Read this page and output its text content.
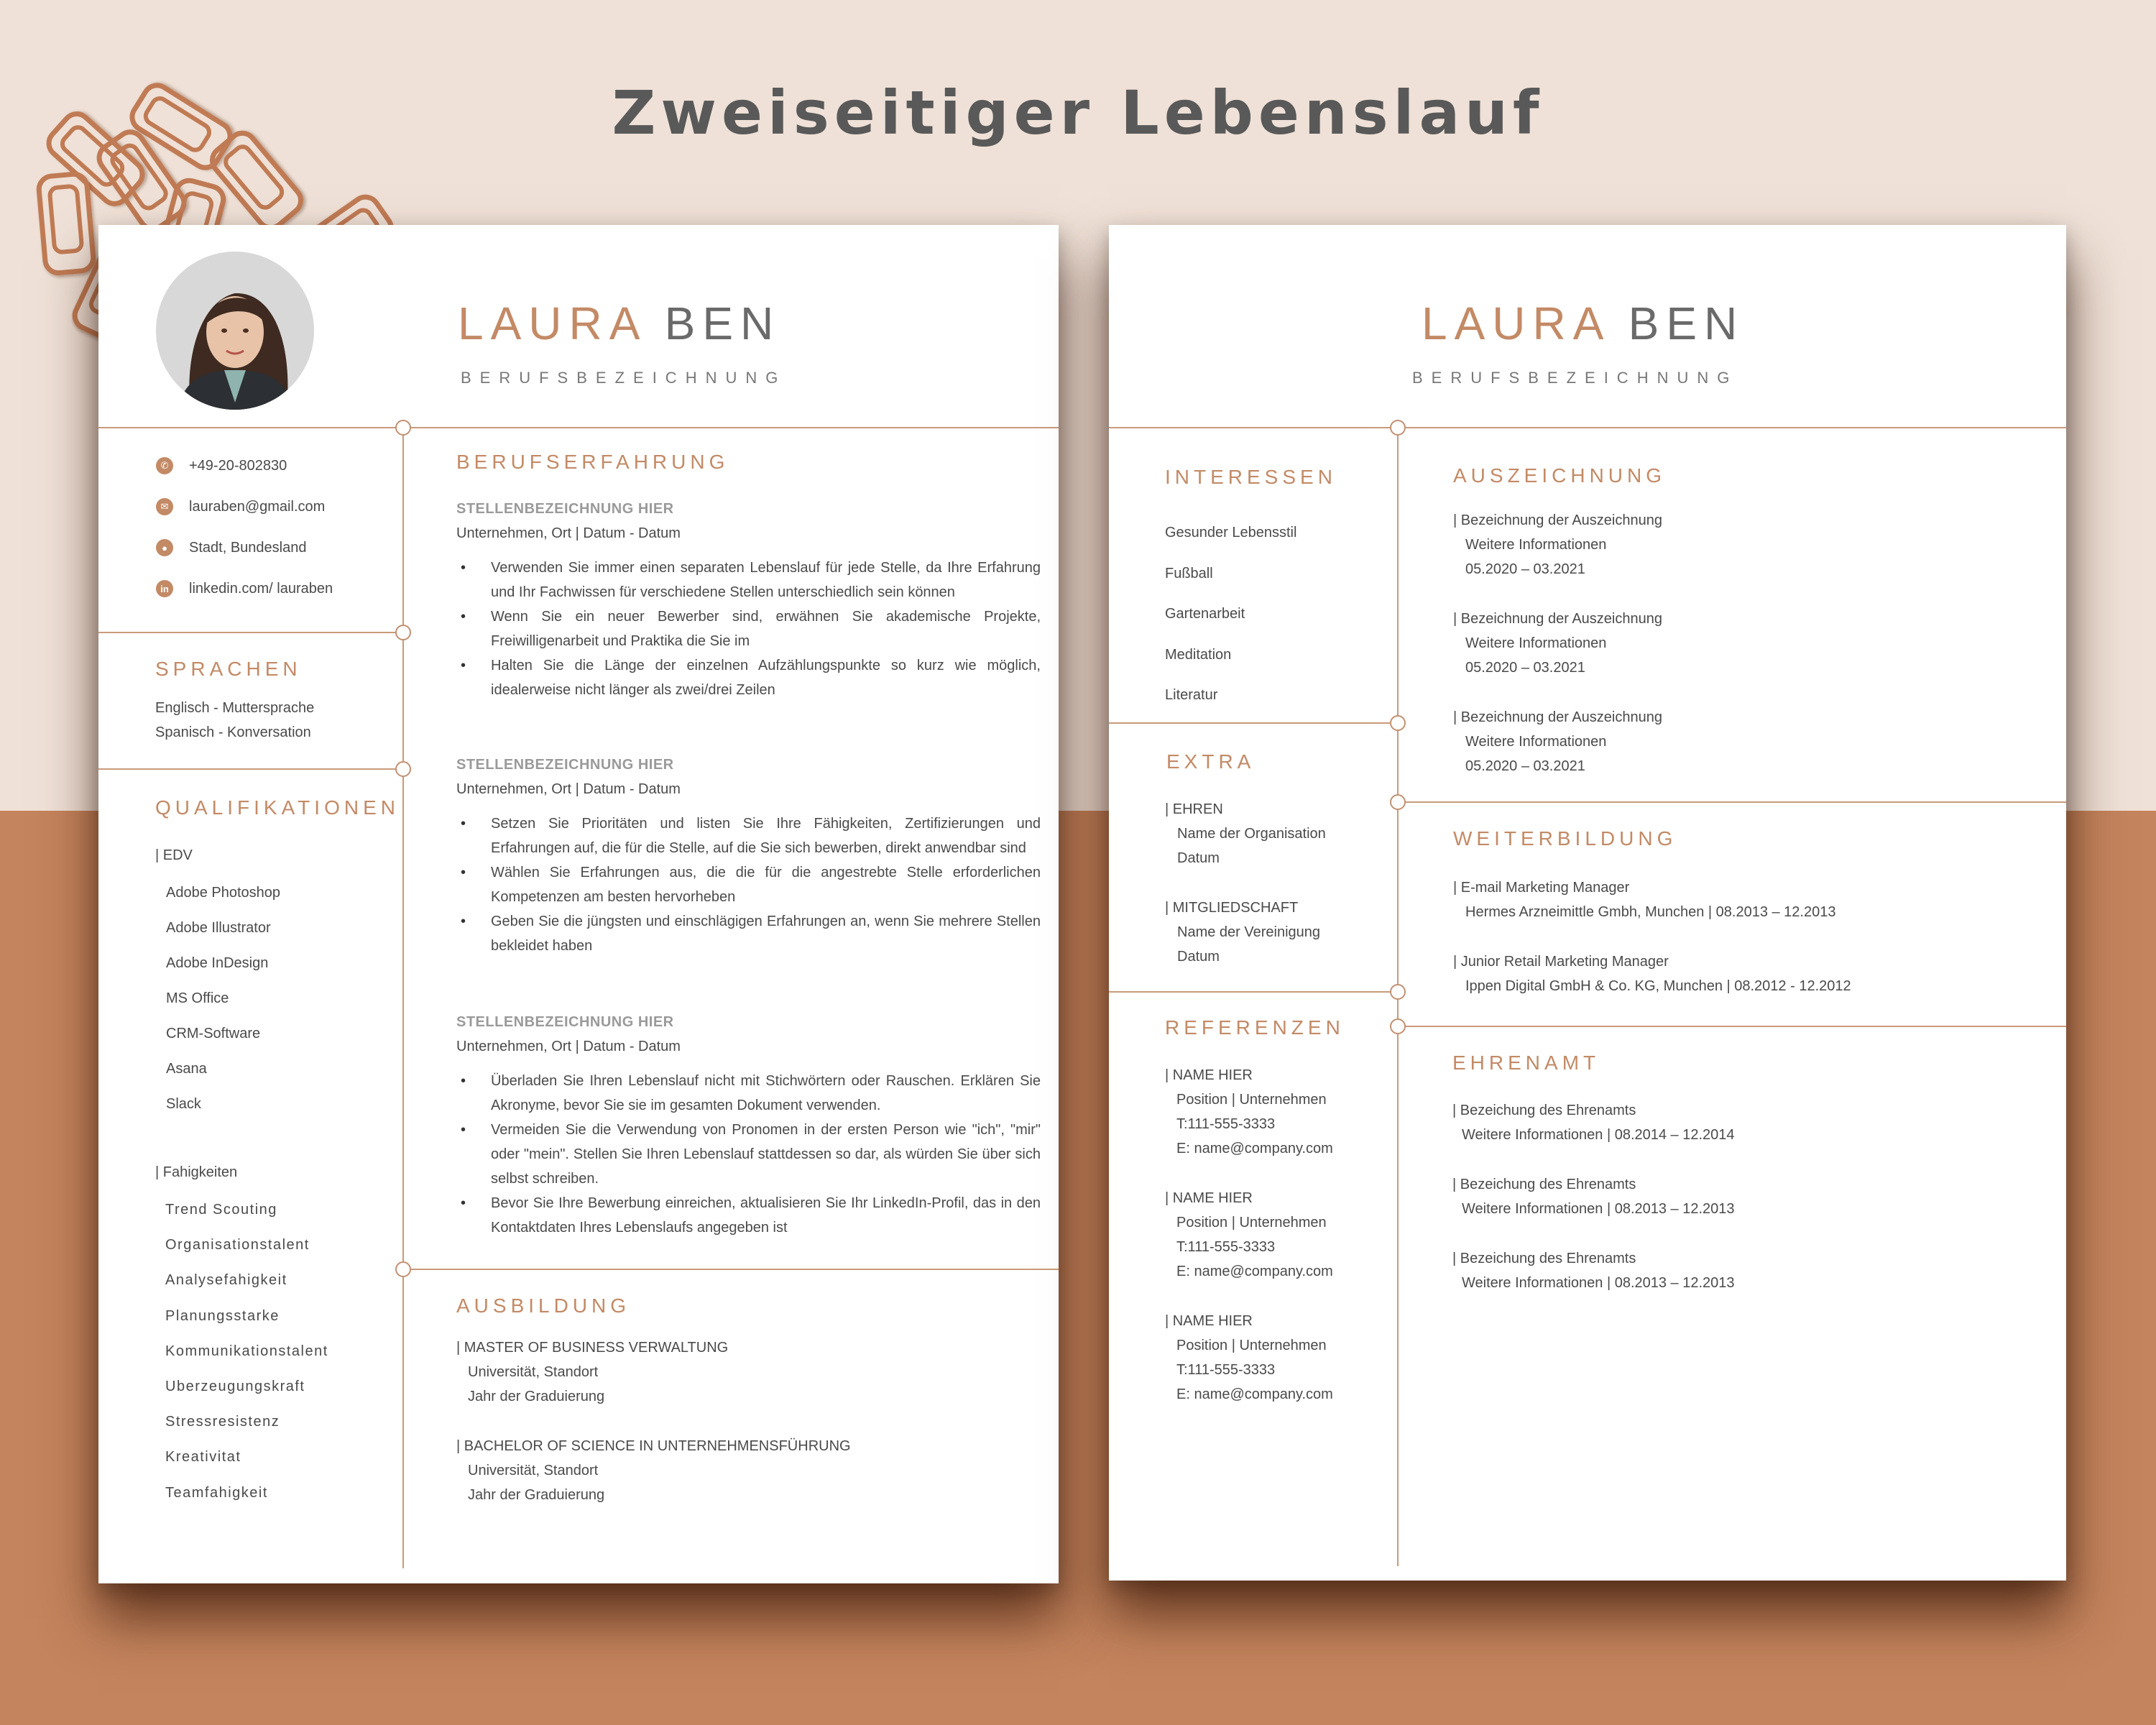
Zweiseitiger Lebenslauf
LAURA BEN
BERUFSBEZEICHNUNG
✆	+49-20-802830
✉	lauraben@gmail.com
●	Stadt, Bundesland
in	linkedin.com/ lauraben
SPRACHEN
Englisch - Muttersprache
Spanisch - Konversation
QUALIFIKATIONEN
| EDV
Adobe Photoshop
Adobe Illustrator
Adobe InDesign
MS Office
CRM-Software
Asana
Slack
| Fahigkeiten
Trend Scouting
Organisationstalent
Analysefahigkeit
Planungsstarke
Kommunikationstalent
Uberzeugungskraft
Stressresistenz
Kreativitat
Teamfahigkeit
BERUFSERFAHRUNG
STELLENBEZEICHNUNG HIER
Unternehmen, Ort | Datum - Datum
• Verwenden Sie immer einen separaten Lebenslauf für jede Stelle, da Ihre Erfahrung und Ihr Fachwissen für verschiedene Stellen unterschiedlich sein können
• Wenn Sie ein neuer Bewerber sind, erwähnen Sie akademische Projekte, Freiwilligenarbeit und Praktika die Sie im
• Halten Sie die Länge der einzelnen Aufzählungspunkte so kurz wie möglich, idealerweise nicht länger als zwei/drei Zeilen
STELLENBEZEICHNUNG HIER
Unternehmen, Ort | Datum - Datum
• Setzen Sie Prioritäten und listen Sie Ihre Fähigkeiten, Zertifizierungen und Erfahrungen auf, die für die Stelle, auf die Sie sich bewerben, direkt anwendbar sind
• Wählen Sie Erfahrungen aus, die die für die angestrebte Stelle erforderlichen Kompetenzen am besten hervorheben
• Geben Sie die jüngsten und einschlägigen Erfahrungen an, wenn Sie mehrere Stellen bekleidet haben
STELLENBEZEICHNUNG HIER
Unternehmen, Ort | Datum - Datum
• Überladen Sie Ihren Lebenslauf nicht mit Stichwörtern oder Rauschen. Erklären Sie Akronyme, bevor Sie sie im gesamten Dokument verwenden.
• Vermeiden Sie die Verwendung von Pronomen in der ersten Person wie "ich", "mir" oder "mein". Stellen Sie Ihren Lebenslauf stattdessen so dar, als würden Sie über sich selbst schreiben.
• Bevor Sie Ihre Bewerbung einreichen, aktualisieren Sie Ihr LinkedIn-Profil, das in den Kontaktdaten Ihres Lebenslaufs angegeben ist
AUSBILDUNG
| MASTER OF BUSINESS VERWALTUNG
Universität, Standort
Jahr der Graduierung
| BACHELOR OF SCIENCE IN UNTERNEHMENSFÜHRUNG
Universität, Standort
Jahr der Graduierung
LAURA BEN
BERUFSBEZEICHNUNG
INTERESSEN
Gesunder Lebensstil
Fußball
Gartenarbeit
Meditation
Literatur
EXTRA
| EHREN
Name der Organisation
Datum
| MITGLIEDSCHAFT
Name der Vereinigung
Datum
REFERENZEN
| NAME HIER
Position | Unternehmen
T:111-555-3333
E: name@company.com
| NAME HIER
Position | Unternehmen
T:111-555-3333
E: name@company.com
| NAME HIER
Position | Unternehmen
T:111-555-3333
E: name@company.com
AUSZEICHNUNG
| Bezeichnung der Auszeichnung
Weitere Informationen
05.2020 – 03.2021
| Bezeichnung der Auszeichnung
Weitere Informationen
05.2020 – 03.2021
| Bezeichnung der Auszeichnung
Weitere Informationen
05.2020 – 03.2021
WEITERBILDUNG
| E-mail Marketing Manager
Hermes Arzneimittle Gmbh, Munchen | 08.2013 – 12.2013
| Junior Retail Marketing Manager
Ippen Digital GmbH & Co. KG, Munchen | 08.2012 - 12.2012
EHRENAMT
| Bezeichung des Ehrenamts
Weitere Informationen | 08.2014 – 12.2014
| Bezeichung des Ehrenamts
Weitere Informationen | 08.2013 – 12.2013
| Bezeichung des Ehrenamts
Weitere Informationen | 08.2013 – 12.2013
